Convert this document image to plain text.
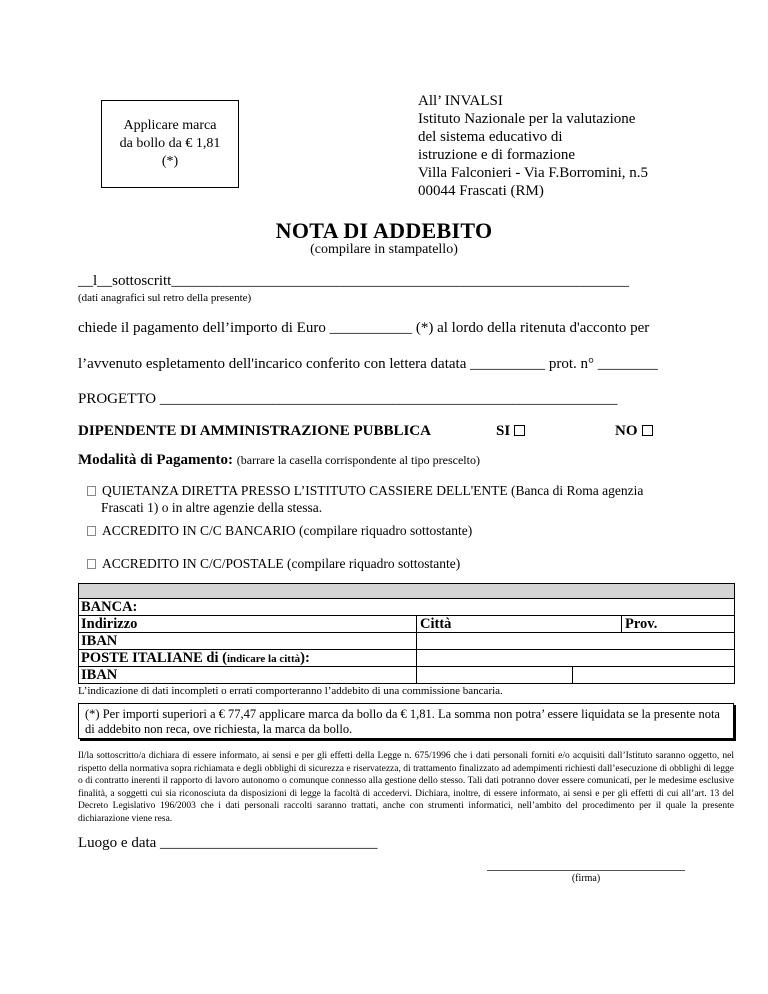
Applicare marca
da bollo da € 1,81
(*)
All’ INVALSI
Istituto Nazionale per la valutazione
del sistema educativo di
istruzione e di formazione
Villa Falconieri - Via F.Borromini, n.5
00044 Frascati (RM)
NOTA DI ADDEBITO
(compilare in stampatello)
__l__sottoscritt_____________________________________________________________
(dati anagrafici sul retro della presente)
chiede il pagamento dell’importo di Euro ___________ (*) al lordo della ritenuta d'acconto per
l’avvenuto espletamento dell'incarico conferito con lettera datata __________ prot. n° ________
PROGETTO _____________________________________________________________
DIPENDENTE DI AMMINISTRAZIONE PUBBLICA	SI	NO
Modalità di Pagamento: (barrare la casella corrispondente al tipo prescelto)
QUIETANZA DIRETTA PRESSO L’ISTITUTO CASSIERE DELL'ENTE (Banca di Roma agenzia
Frascati 1) o in altre agenzie della stessa.
ACCREDITO IN C/C BANCARIO (compilare riquadro sottostante)
ACCREDITO IN C/C/POSTALE (compilare riquadro sottostante)
BANCA:
Indirizzo	Città	Prov.
IBAN
POSTE ITALIANE di (indicare la città):
IBAN
L’indicazione di dati incompleti o errati comporteranno l’addebito di una commissione bancaria.
(*) Per importi superiori a € 77,47 applicare marca da bollo da € 1,81. La somma non potra’ essere liquidata se la presente nota di addebito non reca, ove richiesta, la marca da bollo.
Il/la sottoscritto/a dichiara di essere informato, ai sensi e per gli effetti della Legge n. 675/1996 che i dati personali forniti e/o acquisiti dall’Istituto saranno oggetto, nel rispetto della normativa sopra richiamata e degli obblighi di sicurezza e riservatezza, di trattamento finalizzato ad adempimenti richiesti dall’esecuzione di obblighi di legge o di contratto inerenti il rapporto di lavoro autonomo o comunque connesso alla gestione dello stesso. Tali dati potranno dover essere comunicati, per le medesime esclusive finalità, a soggetti cui sia riconosciuta da disposizioni di legge la facoltà di accedervi. Dichiara, inoltre, di essere informato, ai sensi e per gli effetti di cui all’art. 13 del Decreto Legislativo 196/2003 che i dati personali raccolti saranno trattati, anche con strumenti informatici, nell’ambito del procedimento per il quale la presente dichiarazione viene resa.
Luogo e data _____________________________
(firma)
